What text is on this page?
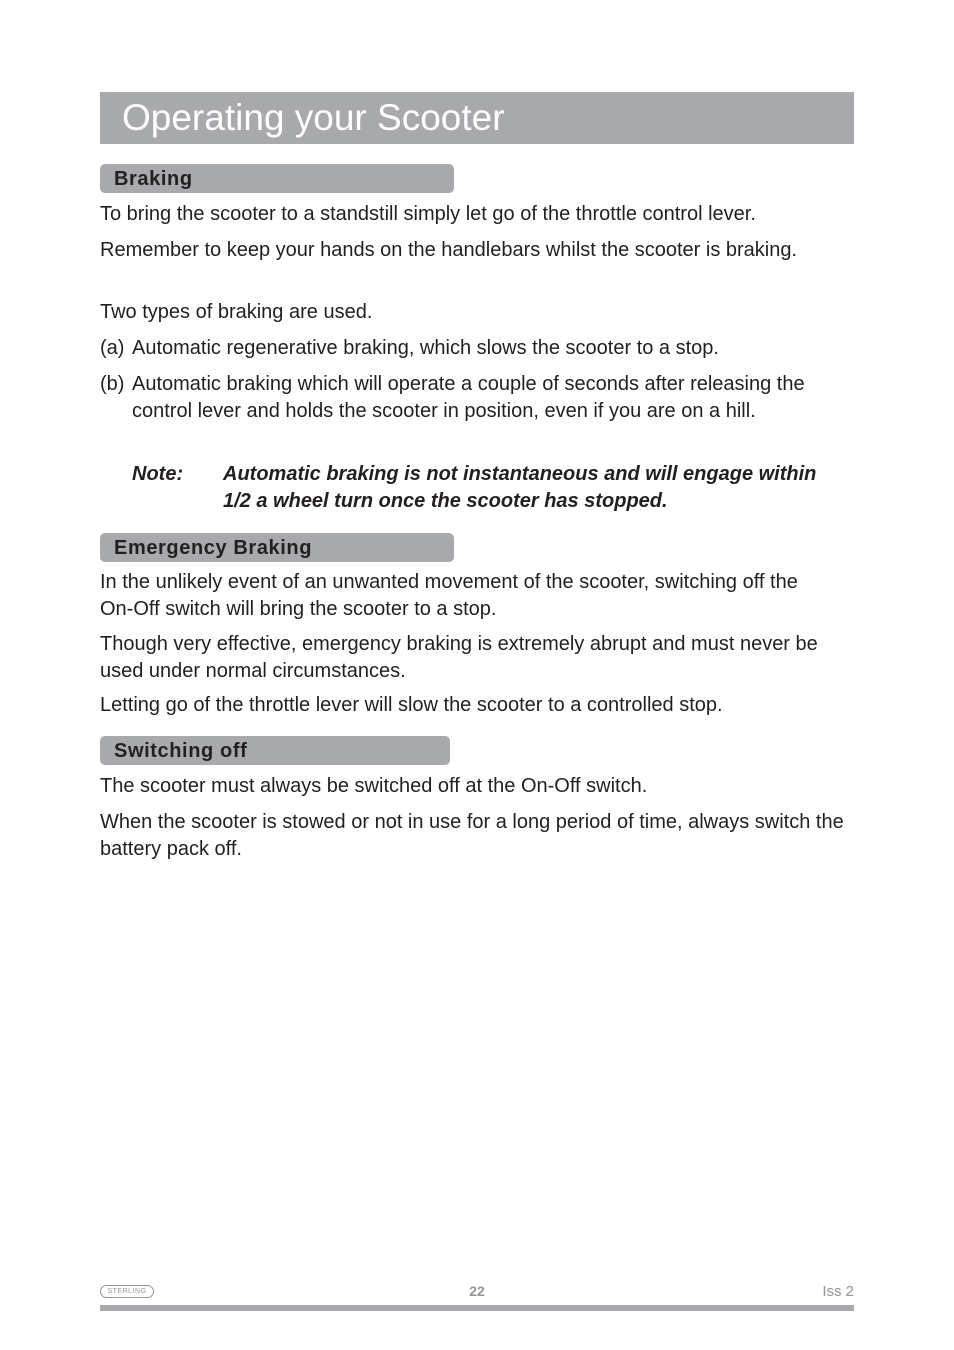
Operating your Scooter
Braking

To bring the scooter to a standstill simply let go of the throttle control lever.

Remember to keep your hands on the handlebars whilst the scooter is braking.

Two types of braking are used.

(a) Automatic regenerative braking, which slows the scooter to a stop.
(b) Automatic braking which will operate a couple of seconds after releasing the control lever and holds the scooter in position, even if you are on a hill.
Note: Automatic braking is not instantaneous and will engage within 1/2 a wheel turn once the scooter has stopped.
Emergency Braking

In the unlikely event of an unwanted movement of the scooter, switching off the On-Off switch will bring the scooter to a stop.

Though very effective, emergency braking is extremely abrupt and must never be used under normal circumstances.

Letting go of the throttle lever will slow the scooter to a controlled stop.

Switching off

The scooter must always be switched off at the On-Off switch.

When the scooter is stowed or not in use for a long period of time, always switch the battery pack off.

STERLING	22	Iss 2
